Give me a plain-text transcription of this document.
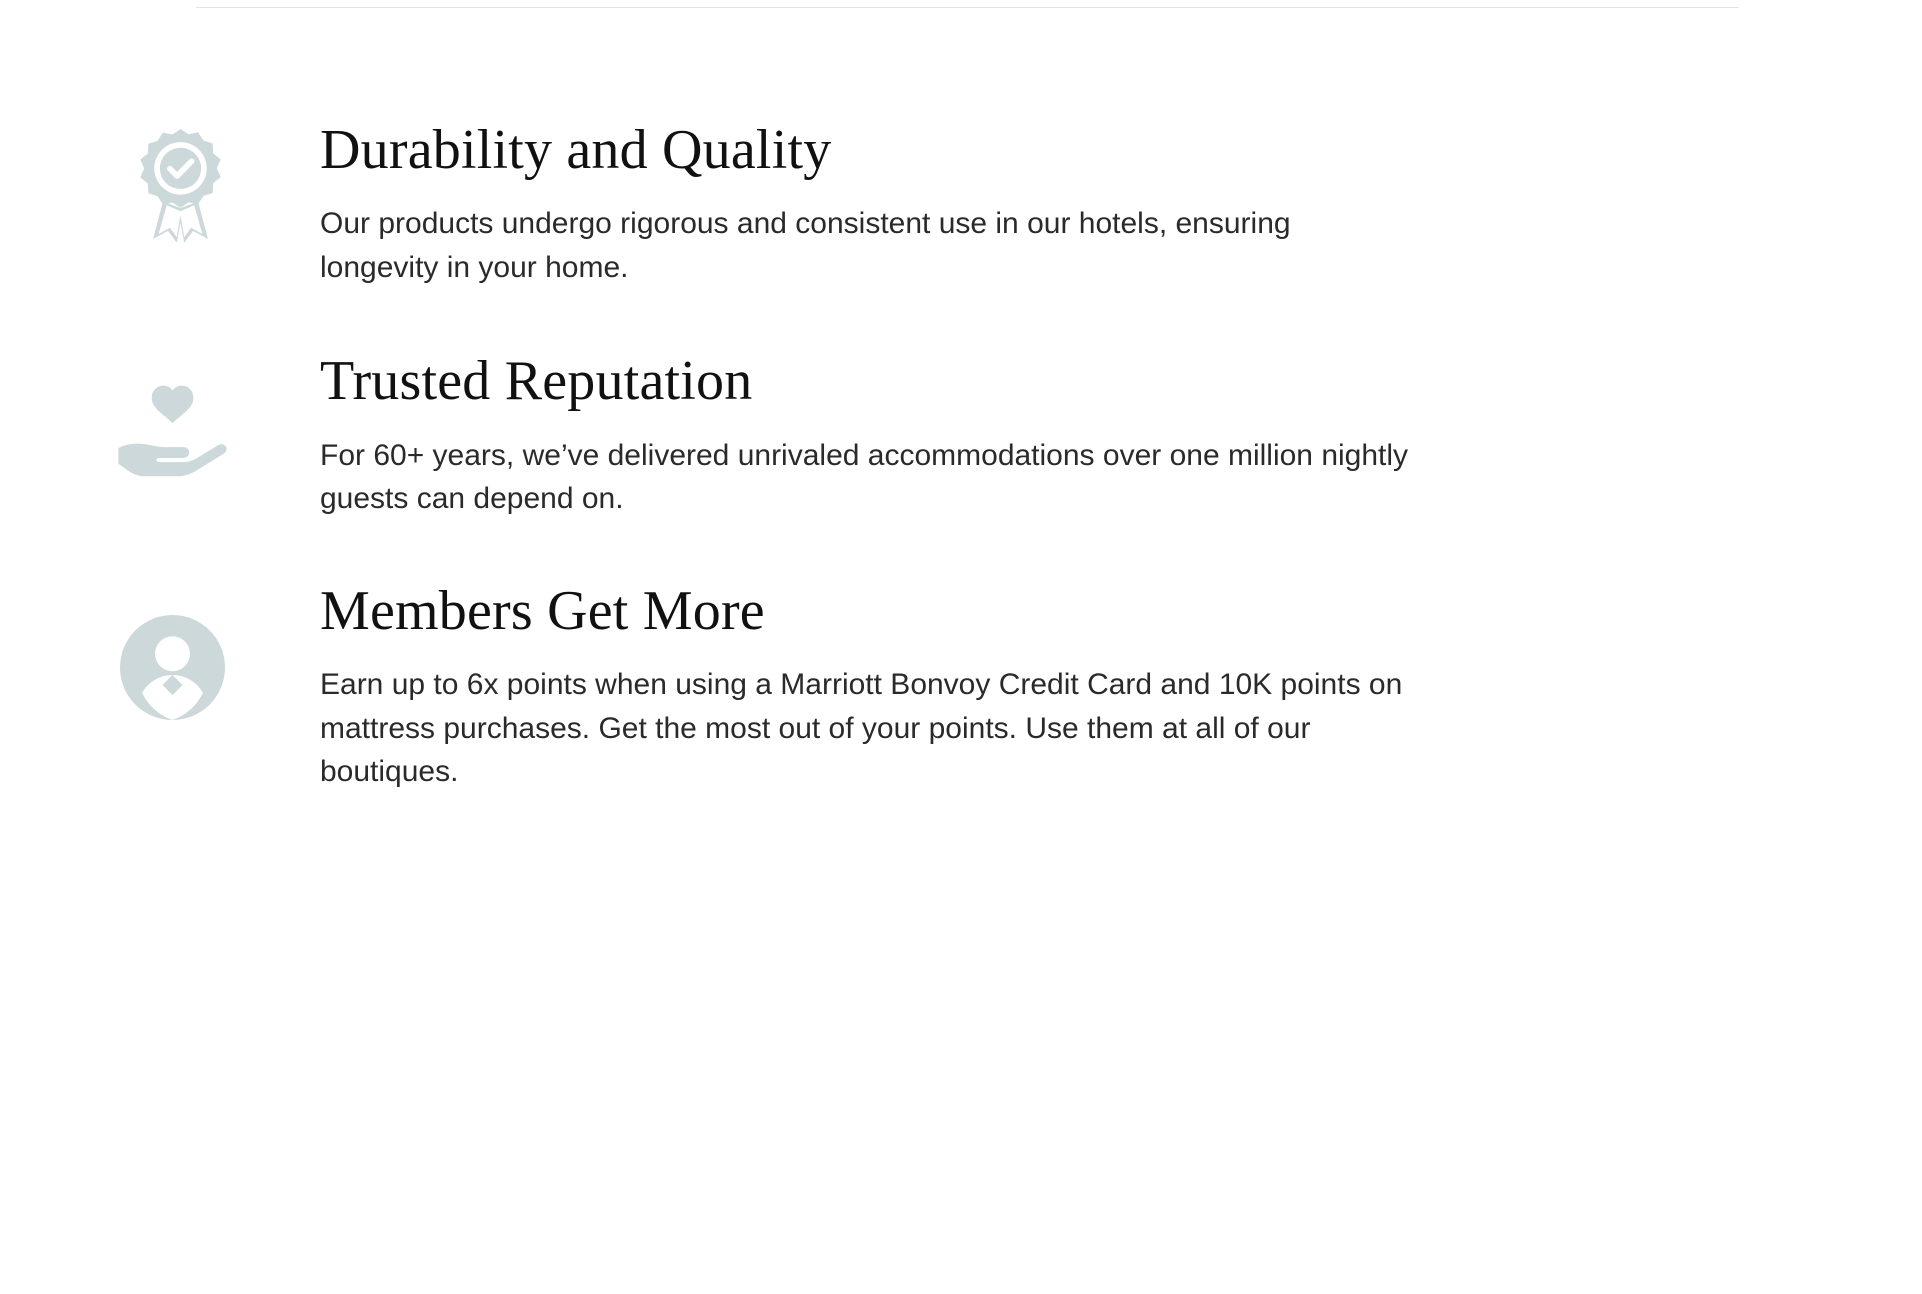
Durability and Quality

Our products undergo rigorous and consistent use in our hotels, ensuring longevity in your home.

Trusted Reputation

For 60+ years, we’ve delivered unrivaled accommodations over one million nightly guests can depend on.

Members Get More

Earn up to 6x points when using a Marriott Bonvoy Credit Card and 10K points on mattress purchases. Get the most out of your points. Use them at all of our boutiques.
